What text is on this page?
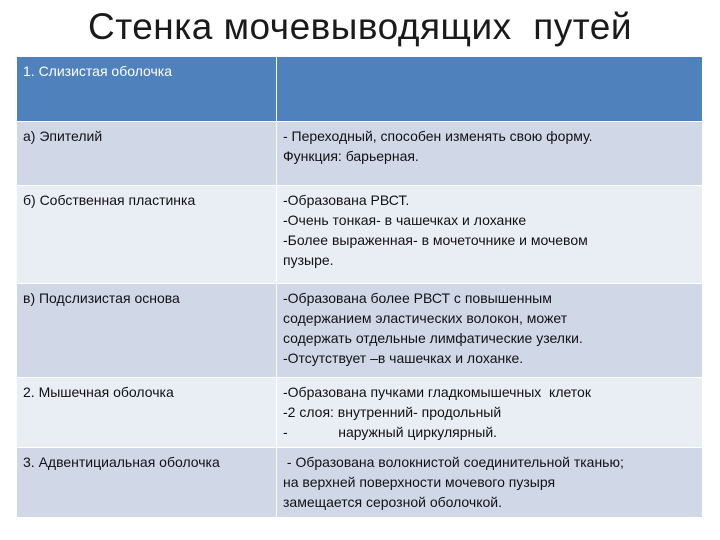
Стенка мочевыводящих  путей
1. Слизистая оболочка	
а) Эпителий	- Переходный, способен изменять свою форму.
Функция: барьерная.

б) Собственная пластинка	-Образована РВСТ.
-Очень тонкая- в чашечках и лоханке
-Более выраженная- в мочеточнике и мочевом
пузыре.

в) Подслизистая основа	-Образована более РВСТ с повышенным
содержанием эластических волокон, может
содержать отдельные лимфатические узелки.
-Отсутствует –в чашечках и лоханке.

2. Мышечная оболочка	-Образована пучками гладкомышечных  клеток
-2 слоя: внутренний- продольный
-             наружный циркулярный.

3. Адвентициальная оболочка	- Образована волокнистой соединительной тканью;
на верхней поверхности мочевого пузыря
замещается серозной оболочкой.
